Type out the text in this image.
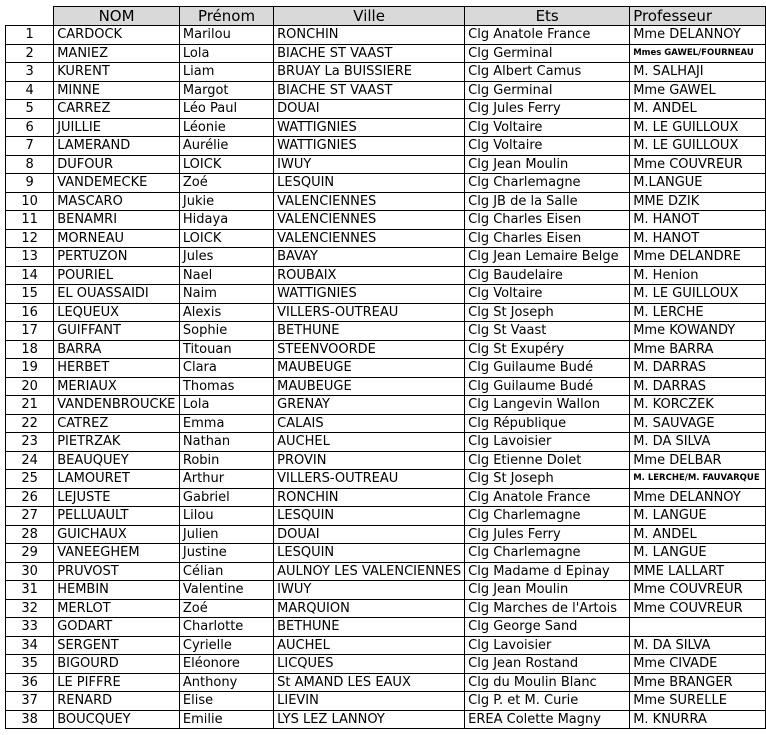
	NOM	Prénom	Ville	Ets	Professeur
1	CARDOCK	Marilou	RONCHIN	Clg Anatole France	Mme DELANNOY
2	MANIEZ	Lola	BIACHE ST VAAST	Clg Germinal	Mmes GAWEL/FOURNEAU
3	KURENT	Liam	BRUAY La BUISSIERE	Clg Albert Camus	M. SALHAJI
4	MINNE	Margot	BIACHE ST VAAST	Clg Germinal	Mme GAWEL
5	CARREZ	Léo Paul	DOUAI	Clg Jules Ferry	M. ANDEL
6	JUILLIE	Léonie	WATTIGNIES	Clg Voltaire	M. LE GUILLOUX
7	LAMERAND	Aurélie	WATTIGNIES	Clg Voltaire	M. LE GUILLOUX
8	DUFOUR	LOICK	IWUY	Clg Jean Moulin	Mme COUVREUR
9	VANDEMECKE	Zoé	LESQUIN	Clg Charlemagne	M.LANGUE
10	MASCARO	Jukie	VALENCIENNES	Clg JB de la Salle	MME DZIK
11	BENAMRI	Hidaya	VALENCIENNES	Clg Charles Eisen	M. HANOT
12	MORNEAU	LOICK	VALENCIENNES	Clg Charles Eisen	M. HANOT
13	PERTUZON	Jules	BAVAY	Clg Jean Lemaire Belge	Mme DELANDRE
14	POURIEL	Nael	ROUBAIX	Clg Baudelaire	M. Henion
15	EL OUASSAIDI	Naim	WATTIGNIES	Clg Voltaire	M. LE GUILLOUX
16	LEQUEUX	Alexis	VILLERS-OUTREAU	Clg St Joseph	M. LERCHE
17	GUIFFANT	Sophie	BETHUNE	Clg St Vaast	Mme KOWANDY
18	BARRA	Titouan	STEENVOORDE	Clg St Exupéry	Mme BARRA
19	HERBET	Clara	MAUBEUGE	Clg Guilaume Budé	M. DARRAS
20	MERIAUX	Thomas	MAUBEUGE	Clg Guilaume Budé	M. DARRAS
21	VANDENBROUCKE	Lola	GRENAY	Clg Langevin Wallon	M. KORCZEK
22	CATREZ	Emma	CALAIS	Clg République	M. SAUVAGE
23	PIETRZAK	Nathan	AUCHEL	Clg Lavoisier	M. DA SILVA
24	BEAUQUEY	Robin	PROVIN	Clg Etienne Dolet	Mme DELBAR
25	LAMOURET	Arthur	VILLERS-OUTREAU	Clg St Joseph	M. LERCHE/M. FAUVARQUE
26	LEJUSTE	Gabriel	RONCHIN	Clg Anatole France	Mme DELANNOY
27	PELLUAULT	Lilou	LESQUIN	Clg Charlemagne	M. LANGUE
28	GUICHAUX	Julien	DOUAI	Clg Jules Ferry	M. ANDEL
29	VANEEGHEM	Justine	LESQUIN	Clg Charlemagne	M. LANGUE
30	PRUVOST	Célian	AULNOY LES VALENCIENNES	Clg Madame d Epinay	MME LALLART
31	HEMBIN	Valentine	IWUY	Clg Jean Moulin	Mme COUVREUR
32	MERLOT	Zoé	MARQUION	Clg Marches de l'Artois	Mme COUVREUR
33	GODART	Charlotte	BETHUNE	Clg George Sand	
34	SERGENT	Cyrielle	AUCHEL	Clg Lavoisier	M. DA SILVA
35	BIGOURD	Eléonore	LICQUES	Clg Jean Rostand	Mme CIVADE
36	LE PIFFRE	Anthony	St AMAND LES EAUX	Clg du Moulin Blanc	Mme BRANGER
37	RENARD	Elise	LIEVIN	Clg P. et M. Curie	Mme SURELLE
38	BOUCQUEY	Emilie	LYS LEZ LANNOY	EREA Colette Magny	M. KNURRA
